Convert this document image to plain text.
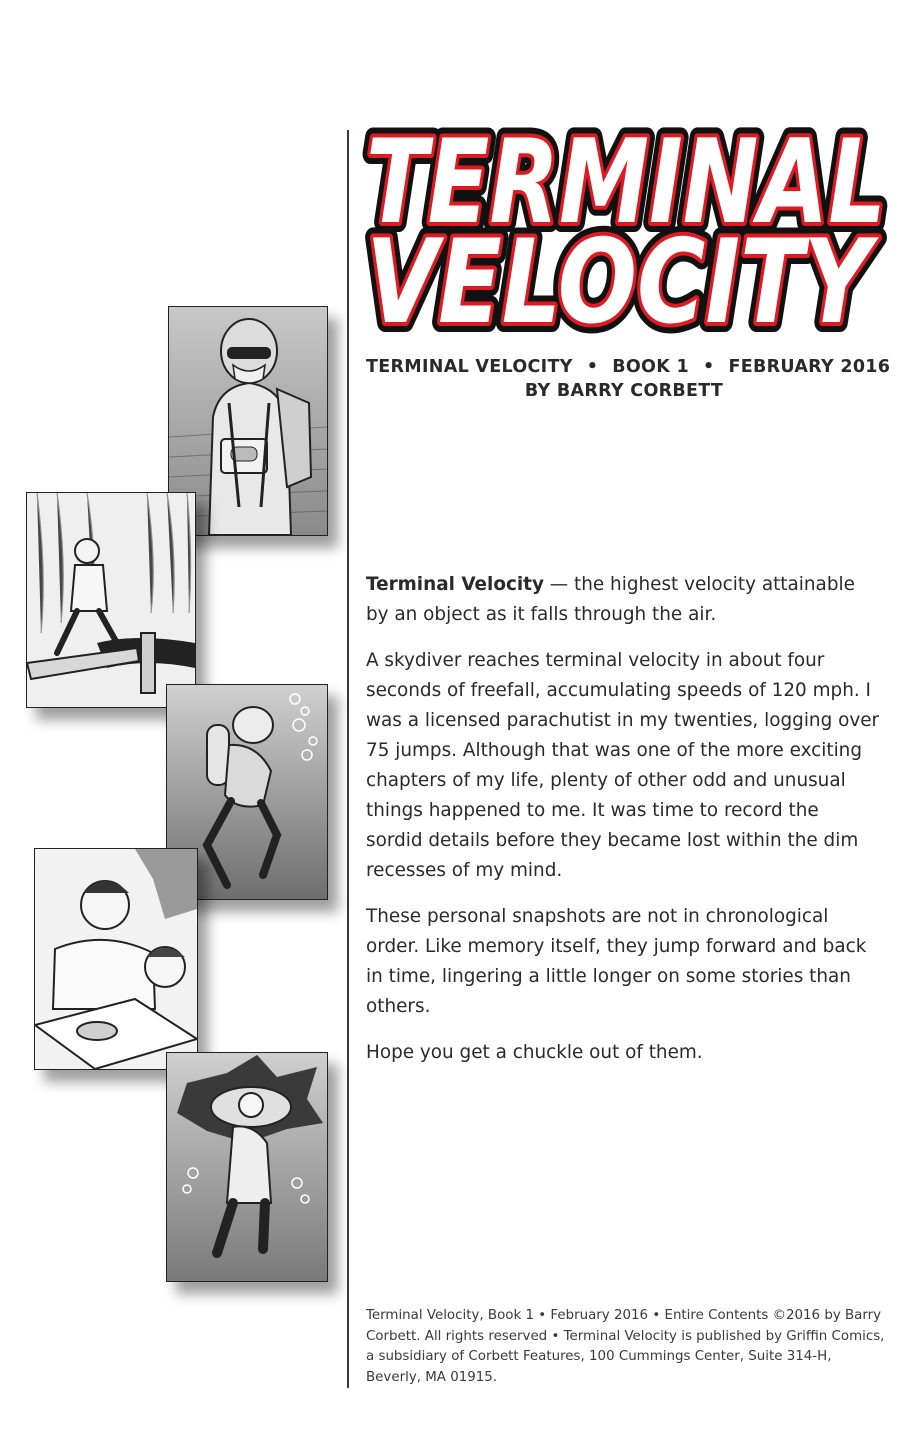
TERMINAL
TERMINAL
TERMINAL
VELOCITY
VELOCITY
VELOCITY
TERMINAL VELOCITY • BOOK 1 • FEBRUARY 2016
BY BARRY CORBETT

Terminal Velocity — the highest velocity attainable by an object as it falls through the air.

A skydiver reaches terminal velocity in about four seconds of freefall, accumulating speeds of 120 mph. I was a licensed parachutist in my twenties, logging over 75 jumps. Although that was one of the more exciting chapters of my life, plenty of other odd and unusual things happened to me. It was time to record the sordid details before they became lost within the dim recesses of my mind.

These personal snapshots are not in chronological order. Like memory itself, they jump forward and back in time, lingering a little longer on some stories than others.

Hope you get a chuckle out of them.

Terminal Velocity, Book 1 • February 2016 • Entire Contents ©2016 by Barry Corbett. All rights reserved • Terminal Velocity is published by Griffin Comics, a subsidiary of Corbett Features, 100 Cummings Center, Suite 314-H, Beverly, MA 01915.
